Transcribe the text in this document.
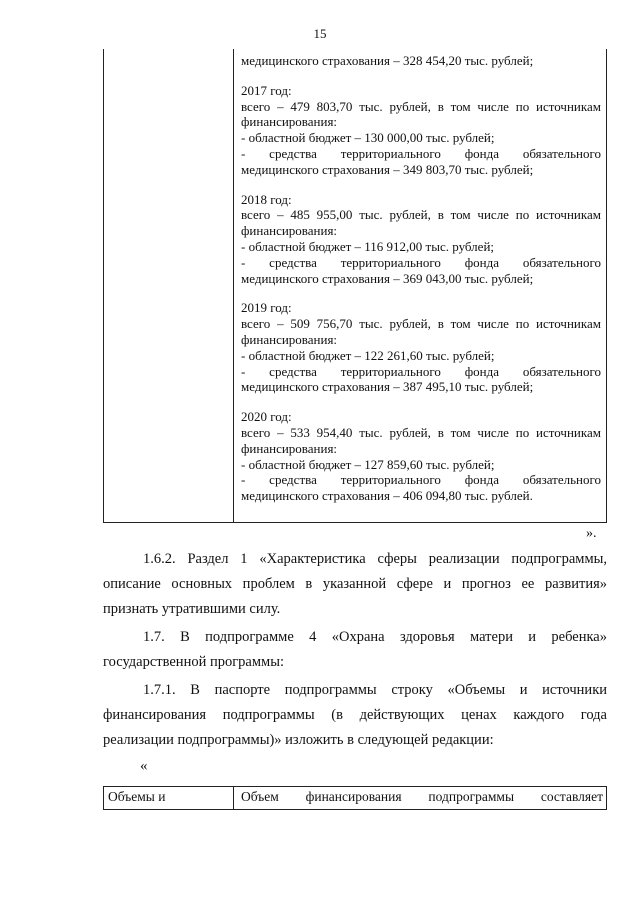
15
медицинского страхования – 328 454,20 тыс. рублей;
2017 год:
всего – 479 803,70 тыс. рублей, в том числе по источникам
финансирования:
- областной бюджет – 130 000,00 тыс. рублей;
- средства территориального фонда обязательного
медицинского страхования – 349 803,70 тыс. рублей;
2018 год:
всего – 485 955,00 тыс. рублей, в том числе по источникам
финансирования:
- областной бюджет – 116 912,00 тыс. рублей;
- средства территориального фонда обязательного
медицинского страхования – 369 043,00 тыс. рублей;
2019 год:
всего – 509 756,70 тыс. рублей, в том числе по источникам
финансирования:
- областной бюджет – 122 261,60 тыс. рублей;
- средства территориального фонда обязательного
медицинского страхования – 387 495,10 тыс. рублей;
2020 год:
всего – 533 954,40 тыс. рублей, в том числе по источникам
финансирования:
- областной бюджет – 127 859,60 тыс. рублей;
- средства территориального фонда обязательного
медицинского страхования – 406 094,80 тыс. рублей.
».
1.6.2. Раздел 1 «Характеристика сферы реализации подпрограммы,
описание основных проблем в указанной сфере и прогноз ее развития»
признать утратившими силу.
1.7. В подпрограмме 4 «Охрана здоровья матери и ребенка»
государственной программы:
1.7.1. В паспорте подпрограммы строку «Объемы и источники
финансирования подпрограммы (в действующих ценах каждого года
реализации подпрограммы)» изложить в следующей редакции:
«
Объемы и	Объем финансирования подпрограммы составляет
